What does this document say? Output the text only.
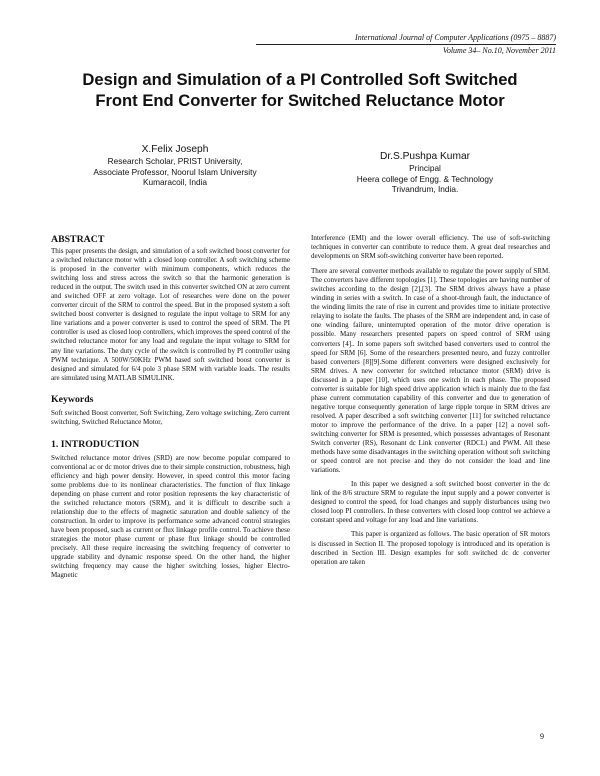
International Journal of Computer Applications (0975 – 8887)
Volume 34– No.10, November 2011
Design and Simulation of a PI Controlled Soft Switched
Front End Converter for Switched Reluctance Motor
X.Felix Joseph
Research Scholar, PRIST University,
Associate Professor, Noorul Islam University
Kumaracoil, India
Dr.S.Pushpa Kumar
Principal
Heera college of Engg. & Technology
Trivandrum, India.
ABSTRACT

This paper presents the design, and simulation of a soft switched boost converter for a switched reluctance motor with a closed loop controller. A soft switching scheme is proposed in the converter with minimum components, which reduces the switching loss and stress across the switch so that the harmonic generation is reduced in the output. The switch used in this converter switched ON at zero current and switched OFF at zero voltage. Lot of researches were done on the power converter circuit of the SRM to control the speed. But in the proposed system a soft switched boost converter is designed to regulate the input voltage to SRM for any line variations and a power converter is used to control the speed of SRM. The PI controller is used as closed loop controllers, which improves the speed control of the switched reluctance motor for any load and regulate the input voltage to SRM for any line variations. The duty cycle of the switch is controlled by PI controller using PWM technique. A 500W/50KHz PWM based soft switched boost converter is designed and simulated for 6/4 pole 3 phase SRM with variable loads. The results are simulated using MATLAB SIMULINK.

Keywords

Soft switched Boost converter, Soft Switching, Zero voltage switching, Zero current switching, Switched Reluctance Motor,

1. INTRODUCTION

Switched reluctance motor drives (SRD) are now become popular compared to conventional ac or dc motor drives due to their simple construction, robustness, high efficiency and high power density. However, in speed control this motor facing some problems due to its nonlinear characteristics. The function of flux linkage depending on phase current and rotor position represents the key characteristic of the switched reluctance motors (SRM), and it is difficult to describe such a relationship due to the effects of magnetic saturation and double saliency of the construction. In order to improve its performance some advanced control strategies have been proposed, such as current or flux linkage profile control. To achieve these strategies the motor phase current or phase flux linkage should be controlled precisely. All these require increasing the switching frequency of converter to upgrade stability and dynamic response speed. On the other hand, the higher switching frequency may cause the higher switching losses, higher Electro-Magnetic

Interference (EMI) and the lower overall efficiency. The use of soft-switching techniques in converter can contribute to reduce them. A great deal researches and developments on SRM soft-switching converter have been reported.

There are several converter methods available to regulate the power supply of SRM. The converters have different topologies [1]. These topologies are having number of switches according to the design [2],[3]. The SRM drives always have a phase winding in series with a switch. In case of a shoot-through fault, the inductance of the winding limits the rate of rise in current and provides time to initiate protective relaying to isolate the faults. The phases of the SRM are independent and, in case of one winding failure, uninterrupted operation of the motor drive operation is possible. Many researchers presented papers on speed control of SRM using converters [4].. In some papers soft switched based converters used to control the speed for SRM [6]. Some of the researchers presented neuro, and fuzzy controller based converters [8][9].Some different converters were designed exclusively for SRM drives. A new converter for switched reluctance motor (SRM) drive is discussed in a paper [10], which uses one switch in each phase. The proposed converter is suitable for high speed drive application which is mainly due to the fast phase current commutation capability of this converter and due to generation of negative torque consequently generation of large ripple torque in SRM drives are resolved. A paper described a soft switching converter [11] for switched reluctance motor to improve the performance of the drive. In a paper [12] a novel soft-switching converter for SRM is presented, which possesses advantages of Resonant Switch converter (RS), Resonant dc Link converter (RDCL) and PWM. All these methods have some disadvantages in the switching operation without soft switching or speed control are not precise and they do not consider the load and line variations.

In this paper we designed a soft switched boost converter in the dc link of the 8/6 structure SRM to regulate the input supply and a power converter is designed to control the speed, for load changes and supply disturbances using two closed loop PI controllers. In these converters with closed loop control we achieve a constant speed and voltage for any load and line variations.

This paper is organized as follows. The basic operation of SR motors is discussed in Section II. The proposed topology is introduced and its operation is described in Section III. Design examples for soft switched dc dc converter operation are taken

9
